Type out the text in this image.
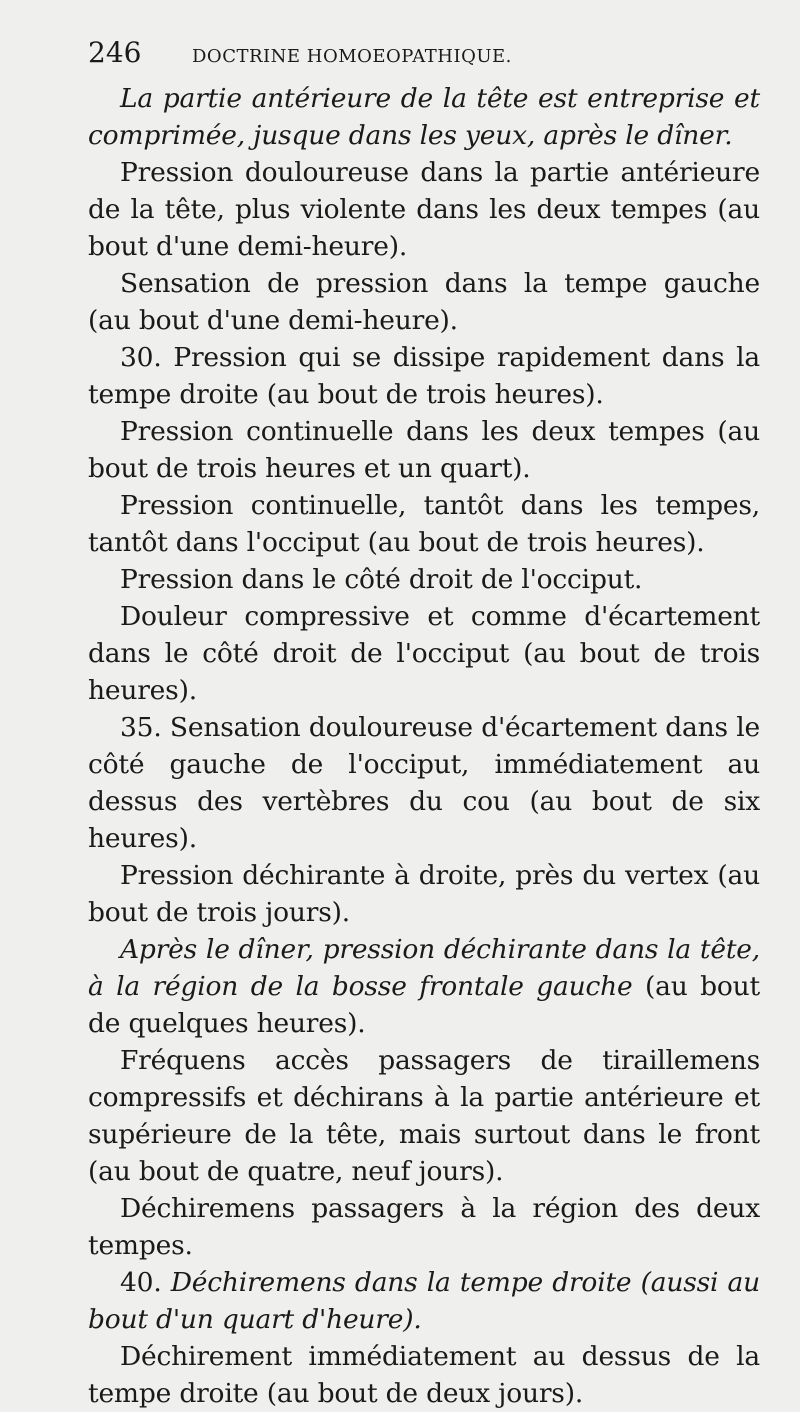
246	DOCTRINE HOMOEOPATHIQUE.

La partie antérieure de la tête est entreprise et comprimée, jusque dans les yeux, après le dîner.

Pression douloureuse dans la partie antérieure de la tête, plus violente dans les deux tempes (au bout d'une demi-heure).

Sensation de pression dans la tempe gauche (au bout d'une demi-heure).

30. Pression qui se dissipe rapidement dans la tempe droite (au bout de trois heures).

Pression continuelle dans les deux tempes (au bout de trois heures et un quart).

Pression continuelle, tantôt dans les tempes, tantôt dans l'occiput (au bout de trois heures).

Pression dans le côté droit de l'occiput.

Douleur compressive et comme d'écartement dans le côté droit de l'occiput (au bout de trois heures).

35. Sensation douloureuse d'écartement dans le côté gauche de l'occiput, immédiatement au dessus des vertèbres du cou (au bout de six heures).

Pression déchirante à droite, près du vertex (au bout de trois jours).

Après le dîner, pression déchirante dans la tête, à la région de la bosse frontale gauche (au bout de quelques heures).

Fréquens accès passagers de tiraillemens compressifs et déchirans à la partie antérieure et supérieure de la tête, mais surtout dans le front (au bout de quatre, neuf jours).

Déchiremens passagers à la région des deux tempes.

40. Déchiremens dans la tempe droite (aussi au bout d'un quart d'heure).

Déchirement immédiatement au dessus de la tempe droite (au bout de deux jours).
